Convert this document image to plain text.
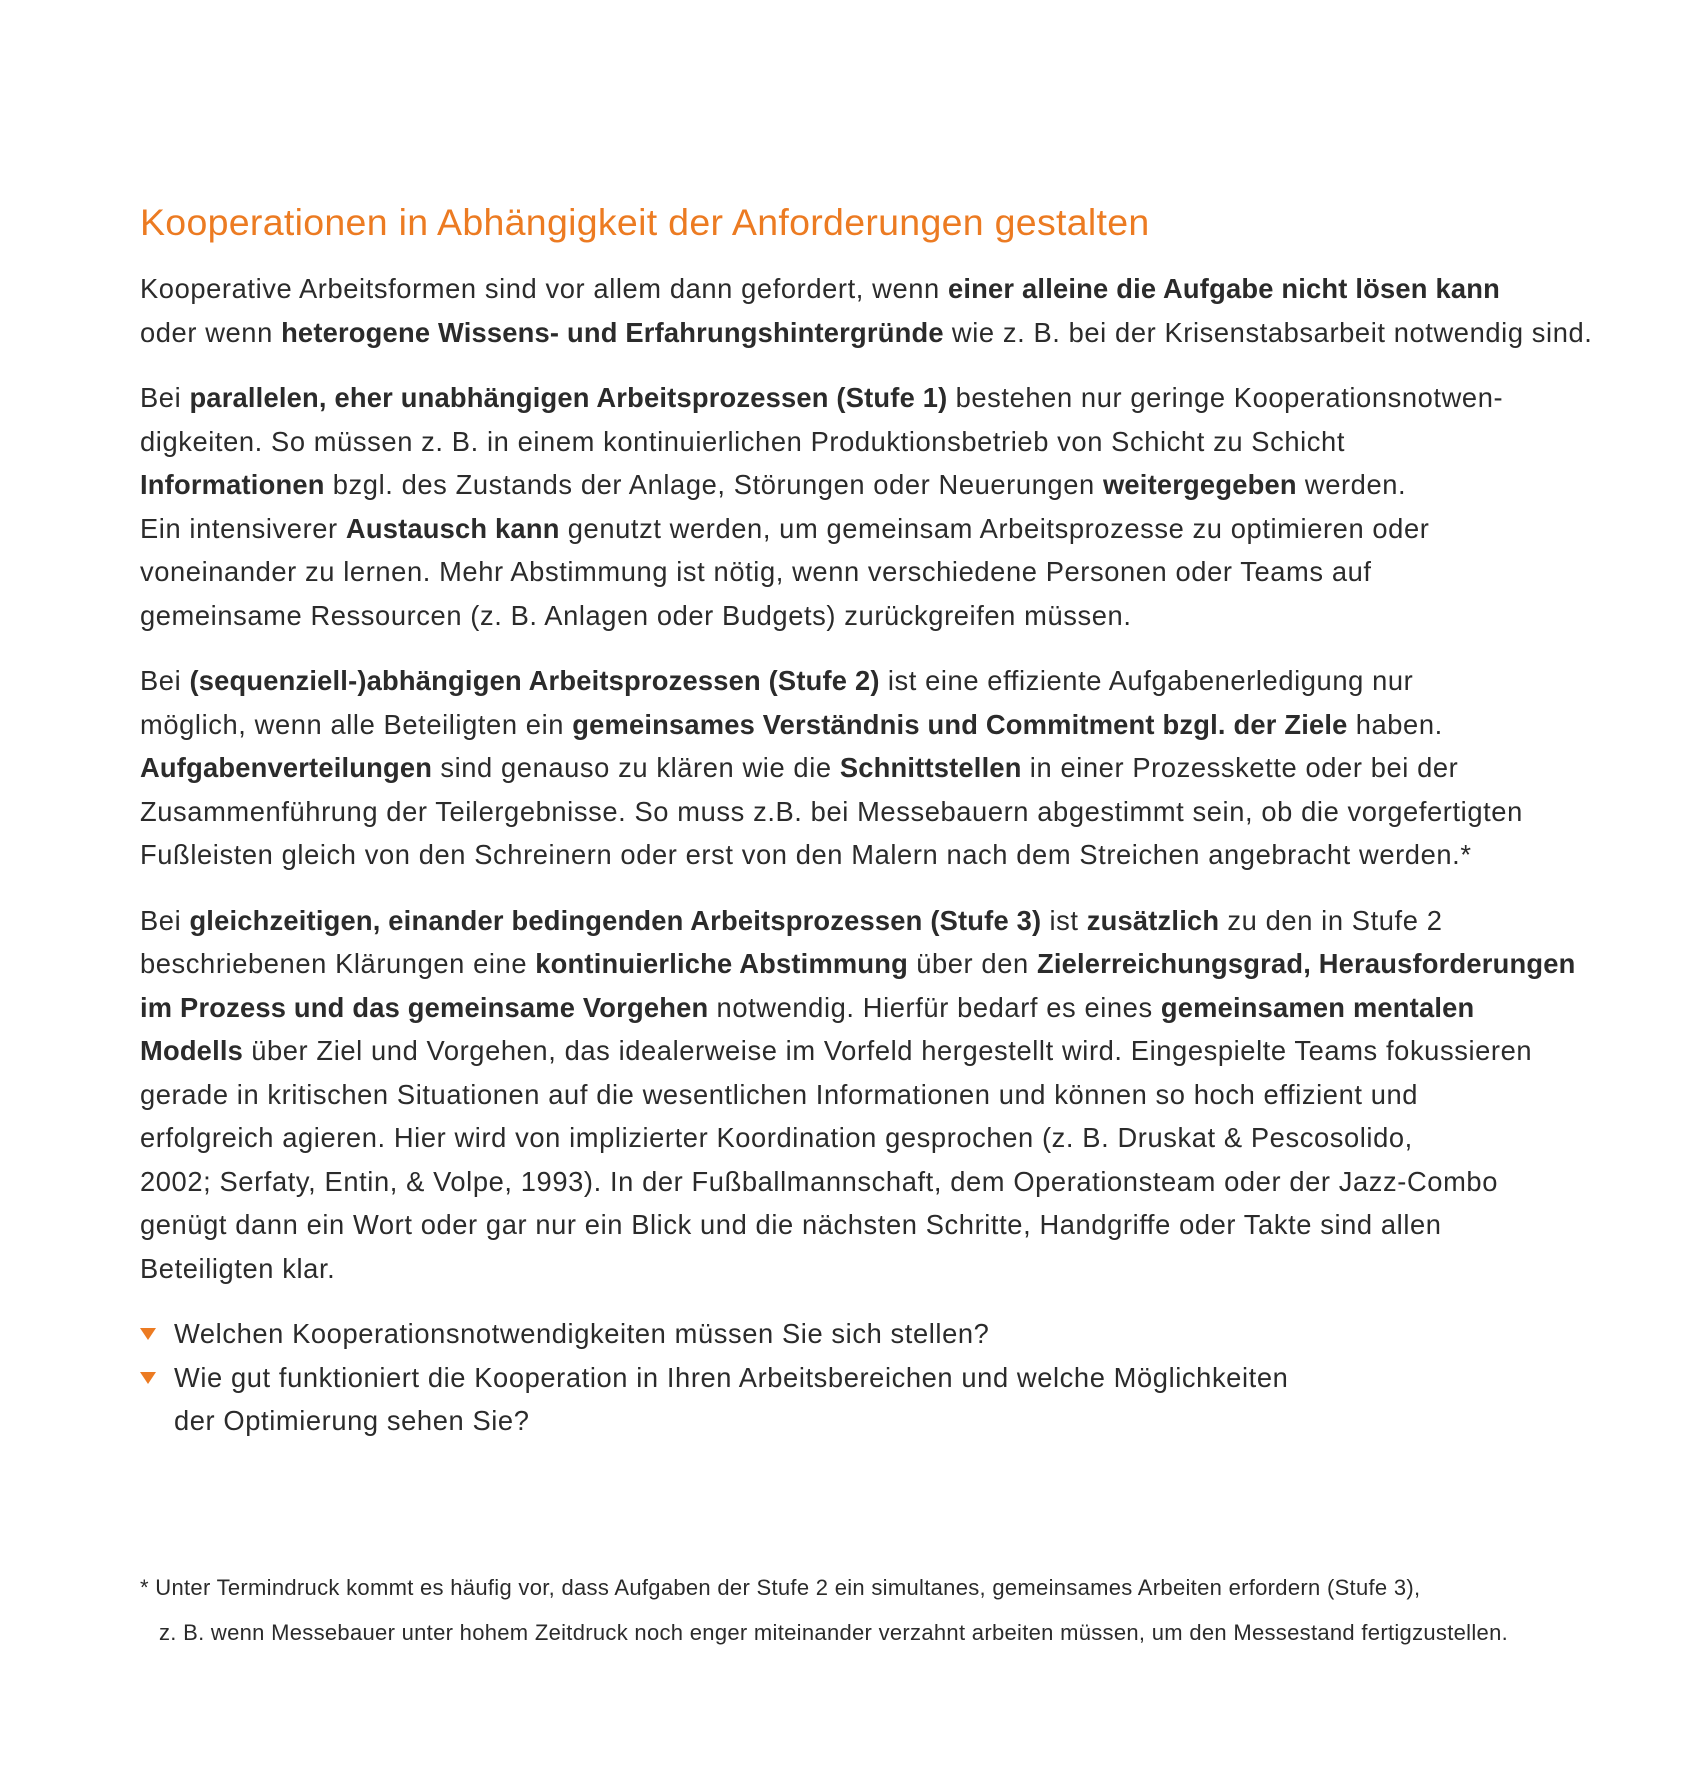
Kooperationen in Abhängigkeit der Anforderungen gestalten

Kooperative Arbeitsformen sind vor allem dann gefordert, wenn einer alleine die Aufgabe nicht lösen kann
oder wenn heterogene Wissens- und Erfahrungshintergründe wie z. B. bei der Krisenstabsarbeit notwendig sind.

Bei parallelen, eher unabhängigen Arbeitsprozessen (Stufe 1) bestehen nur geringe Kooperationsnotwen-
digkeiten. So müssen z. B. in einem kontinuierlichen Produktionsbetrieb von Schicht zu Schicht
Informationen bzgl. des Zustands der Anlage, Störungen oder Neuerungen weitergegeben werden.
Ein intensiverer Austausch kann genutzt werden, um gemeinsam Arbeitsprozesse zu optimieren oder
voneinander zu lernen. Mehr Abstimmung ist nötig, wenn verschiedene Personen oder Teams auf
gemeinsame Ressourcen (z. B. Anlagen oder Budgets) zurückgreifen müssen.

Bei (sequenziell-)abhängigen Arbeitsprozessen (Stufe 2) ist eine effiziente Aufgabenerledigung nur
möglich, wenn alle Beteiligten ein gemeinsames Verständnis und Commitment bzgl. der Ziele haben.
Aufgabenverteilungen sind genauso zu klären wie die Schnittstellen in einer Prozesskette oder bei der
Zusammenführung der Teilergebnisse. So muss z.B. bei Messebauern abgestimmt sein, ob die vorgefertigten
Fußleisten gleich von den Schreinern oder erst von den Malern nach dem Streichen angebracht werden.*

Bei gleichzeitigen, einander bedingenden Arbeitsprozessen (Stufe 3) ist zusätzlich zu den in Stufe 2
beschriebenen Klärungen eine kontinuierliche Abstimmung über den Zielerreichungsgrad, Herausforderungen
im Prozess und das gemeinsame Vorgehen notwendig. Hierfür bedarf es eines gemeinsamen mentalen
Modells über Ziel und Vorgehen, das idealerweise im Vorfeld hergestellt wird. Eingespielte Teams fokussieren
gerade in kritischen Situationen auf die wesentlichen Informationen und können so hoch effizient und
erfolgreich agieren. Hier wird von implizierter Koordination gesprochen (z. B. Druskat & Pescosolido,
2002; Serfaty, Entin, & Volpe, 1993). In der Fußballmannschaft, dem Operationsteam oder der Jazz-Combo
genügt dann ein Wort oder gar nur ein Blick und die nächsten Schritte, Handgriffe oder Takte sind allen
Beteiligten klar.

Welchen Kooperationsnotwendigkeiten müssen Sie sich stellen?
Wie gut funktioniert die Kooperation in Ihren Arbeitsbereichen und welche Möglichkeiten
der Optimierung sehen Sie?
* Unter Termindruck kommt es häufig vor, dass Aufgaben der Stufe 2 ein simultanes, gemeinsames Arbeiten erfordern (Stufe 3),
z. B. wenn Messebauer unter hohem Zeitdruck noch enger miteinander verzahnt arbeiten müssen, um den Messestand fertigzustellen.
